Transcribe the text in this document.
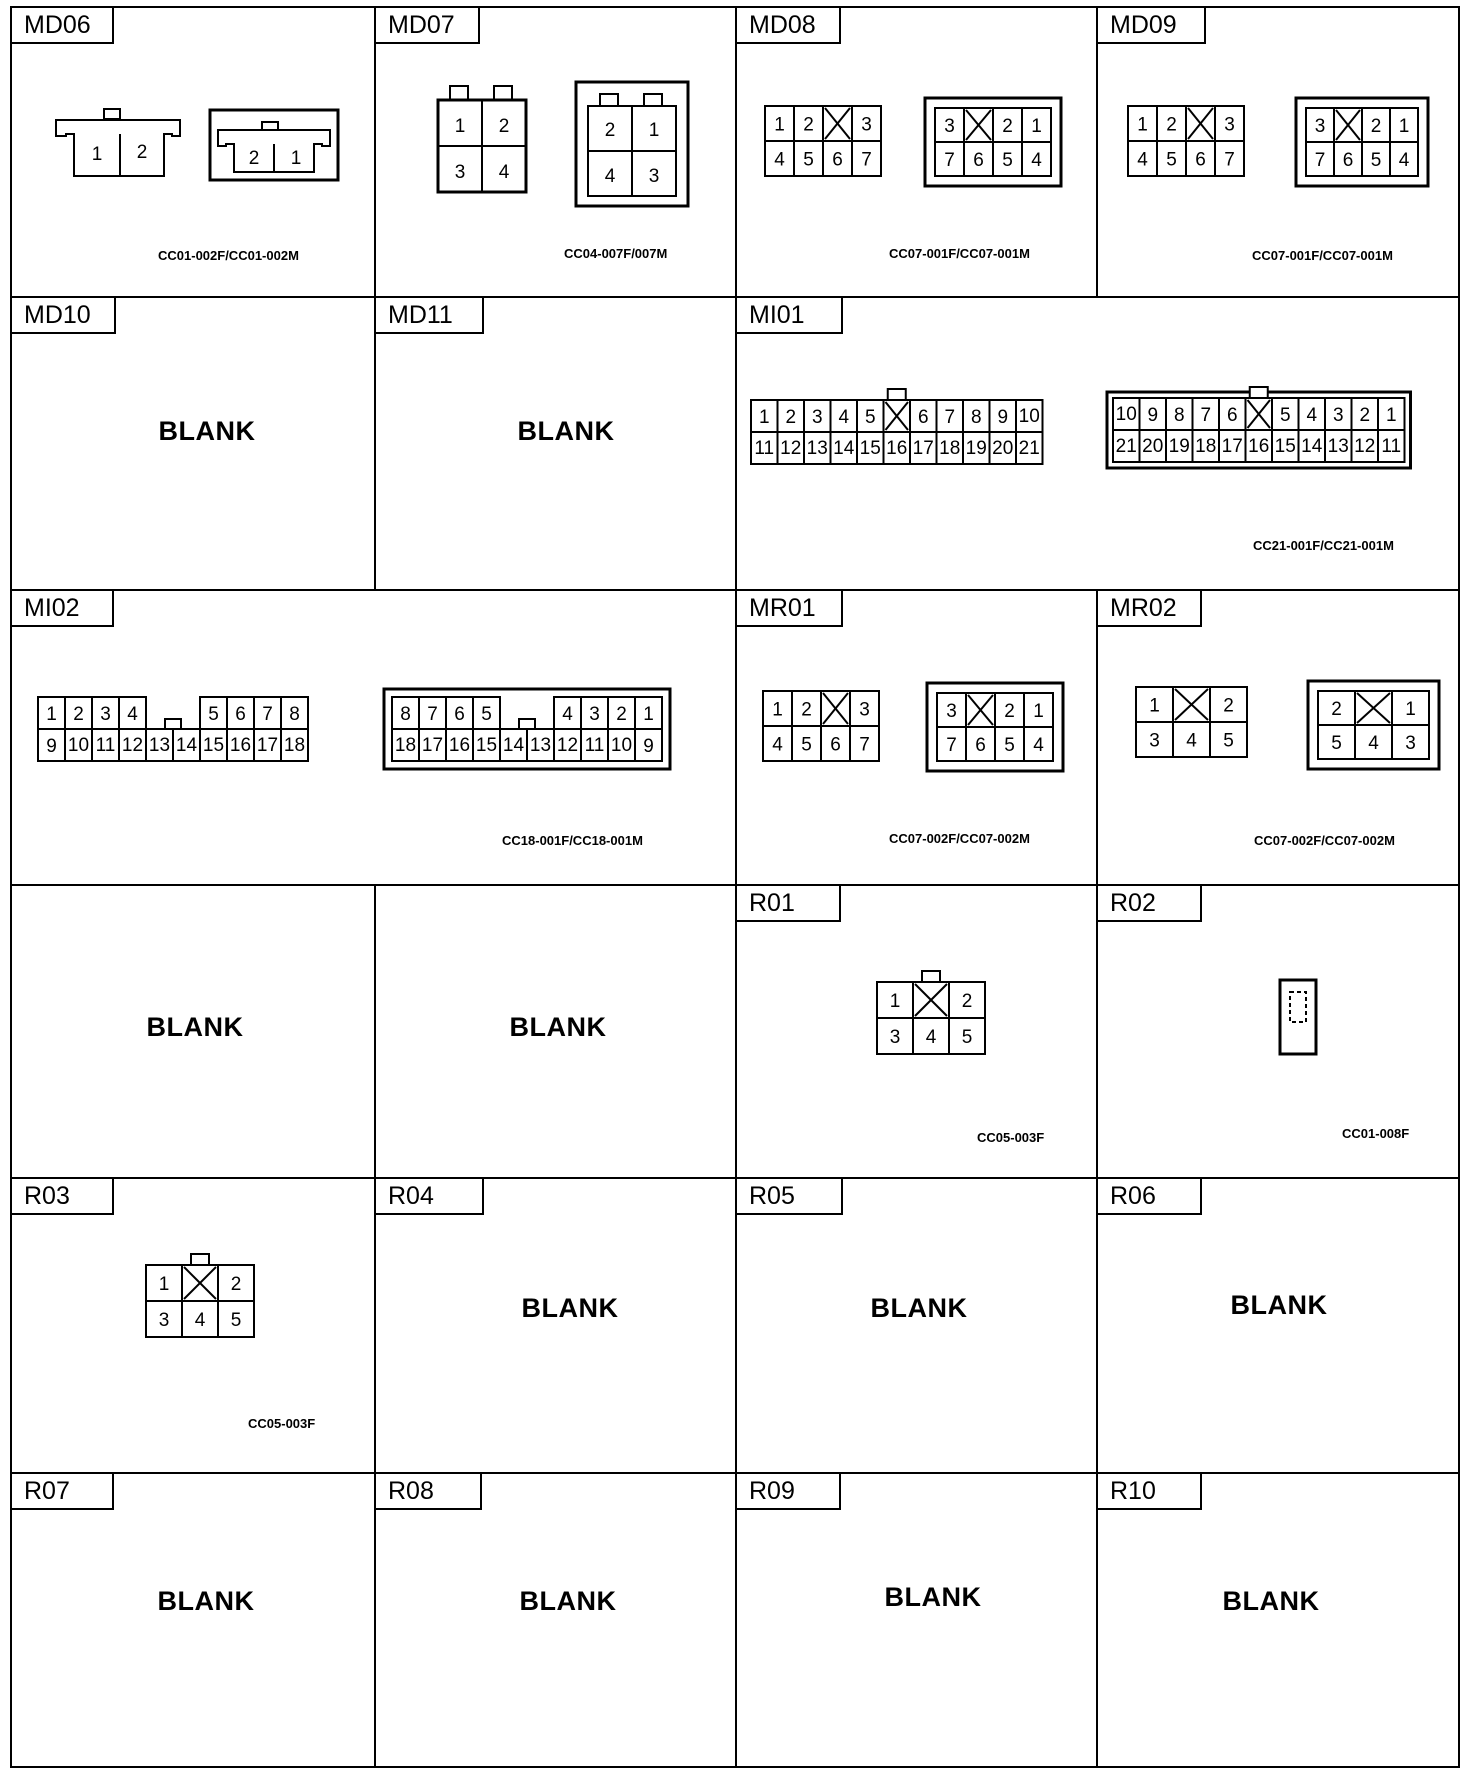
MD06
1 2	2 1
CC01-002F/CC01-002M
MD07
1 2
3 4
2 1
4 3
CC04-007F/007M
MD08
1 2 3
4 5 6 7
3 2 1
7 6 5 4
CC07-001F/CC07-001M
MD09
1 2 3
4 5 6 7
3 2 1
7 6 5 4
CC07-001F/CC07-001M
MD10
BLANK
MD11
BLANK
MI01
1 2 3 4 5 6 7 8 9 10
11 12 13 14 15 16 17 18 19 20 21
10 9 8 7 6 5 4 3 2 1
21 20 19 18 17 16 15 14 13 12 11
CC21-001F/CC21-001M
MI02
1 2 3 4	5 6 7 8
9 10 11 12 13 14 15 16 17 18
8 7 6 5	4 3 2 1
18 17 16 15 14 13 12 11 10 9
CC18-001F/CC18-001M
MR01
1 2 3
4 5 6 7
3 2 1
7 6 5 4
CC07-002F/CC07-002M
MR02
1	2
3 4 5
2	1
5 4 3
CC07-002F/CC07-002M
BLANK	BLANK
R01
1	2
3 4 5
CC05-003F
R02
CC01-008F
R03
1	2
3 4 5
CC05-003F
R04
BLANK
R05
BLANK
R06
BLANK
R07
BLANK
R08
BLANK
R09
BLANK
R10
BLANK
